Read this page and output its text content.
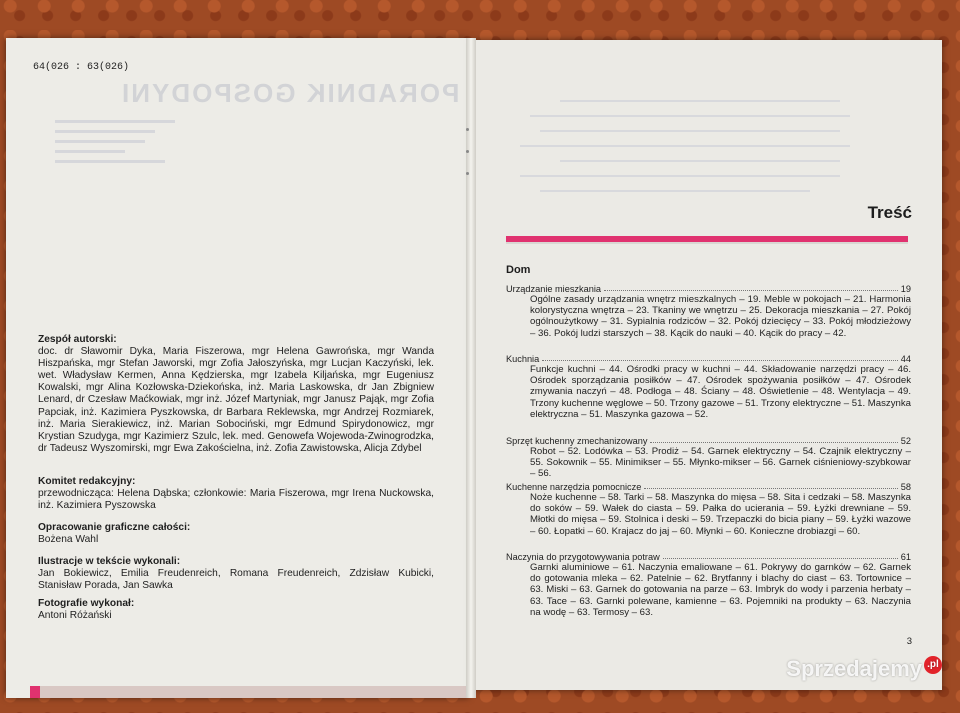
64(026 : 63(026)
PORADNIK GOSPODYNI
Zespół autorski:
doc. dr Sławomir Dyka, Maria Fiszerowa, mgr Helena Gawrońska, mgr Wanda Hiszpańska, mgr Stefan Jaworski, mgr Zofia Jałoszyńska, mgr Lucjan Kaczyński, lek. wet. Władysław Kermen, Anna Kędzierska, mgr Izabela Kiljańska, mgr Eugeniusz Kowalski, mgr Alina Kozłowska-Dziekońska, inż. Maria Laskowska, dr Jan Zbigniew Lenard, dr Czesław Maćkowiak, mgr inż. Józef Martyniak, mgr Janusz Pająk, mgr Zofia Papciak, inż. Kazimiera Pyszkowska, dr Barbara Reklewska, mgr Andrzej Rozmiarek, inż. Maria Sierakiewicz, inż. Marian Sobociński, mgr Edmund Spirydonowicz, mgr Krystian Szudyga, mgr Kazimierz Szulc, lek. med. Genowefa Wojewoda-Zwinogrodzka, dr Tadeusz Wyszomirski, mgr Ewa Zakościelna, inż. Zofia Zawistowska, Alicja Zdybel
Komitet redakcyjny:
przewodnicząca: Helena Dąbska; członkowie: Maria Fiszerowa, mgr Irena Nuckowska, inż. Kazimiera Pyszowska
Opracowanie graficzne całości:
Bożena Wahl
Ilustracje w tekście wykonali:
Jan Bokiewicz, Emilia Freudenreich, Romana Freudenreich, Zdzisław Kubicki, Stanisław Porada, Jan Sawka
Fotografie wykonał:
Antoni Różański
Treść
Dom
Urządzanie mieszkania	19
Ogólne zasady urządzania wnętrz mieszkalnych – 19. Meble w pokojach – 21. Harmonia kolorystyczna wnętrza – 23. Tkaniny we wnętrzu – 25. Dekoracja mieszkania – 27. Pokój ogólnoużytkowy – 31. Sypialnia rodziców – 32. Pokój dziecięcy – 33. Pokój młodzieżowy – 36. Pokój ludzi starszych – 38. Kącik do nauki – 40. Kącik do pracy – 42.
Kuchnia	44
Funkcje kuchni – 44. Ośrodki pracy w kuchni – 44. Składowanie narzędzi pracy – 46. Ośrodek sporządzania posiłków – 47. Ośrodek spożywania posiłków – 47. Ośrodek zmywania naczyń – 48. Podłoga – 48. Ściany – 48. Oświetlenie – 48. Wentylacja – 49. Trzony kuchenne węglowe – 50. Trzony gazowe – 51. Trzony elektryczne – 51. Maszynka elektryczna – 51. Maszynka gazowa – 52.
Sprzęt kuchenny zmechanizowany	52
Robot – 52. Lodówka – 53. Prodiż – 54. Garnek elektryczny – 54. Czajnik elektryczny – 55. Sokownik – 55. Minimikser – 55. Młynko-mikser – 56. Garnek ciśnieniowy-szybkowar – 56.
Kuchenne narzędzia pomocnicze	58
Noże kuchenne – 58. Tarki – 58. Maszynka do mięsa – 58. Sita i cedzaki – 58. Maszynka do soków – 59. Wałek do ciasta – 59. Pałka do ucierania – 59. Łyżki drewniane – 59. Młotki do mięsa – 59. Stolnica i deski – 59. Trzepaczki do bicia piany – 59. Łyżki wazowe – 60. Łopatki – 60. Krajacz do jaj – 60. Młynki – 60. Konieczne drobiazgi – 60.
Naczynia do przygotowywania potraw	61
Garnki aluminiowe – 61. Naczynia emaliowane – 61. Pokrywy do garnków – 62. Garnek do gotowania mleka – 62. Patelnie – 62. Brytfanny i blachy do ciast – 63. Tortownice – 63. Miski – 63. Garnek do gotowania na parze – 63. Imbryk do wody i parzenia herbaty – 63. Tace – 63. Garnki polewane, kamienne – 63. Pojemniki na produkty – 63. Naczynia na wodę – 63. Termosy – 63.
3
Sprzedajemy .pl
